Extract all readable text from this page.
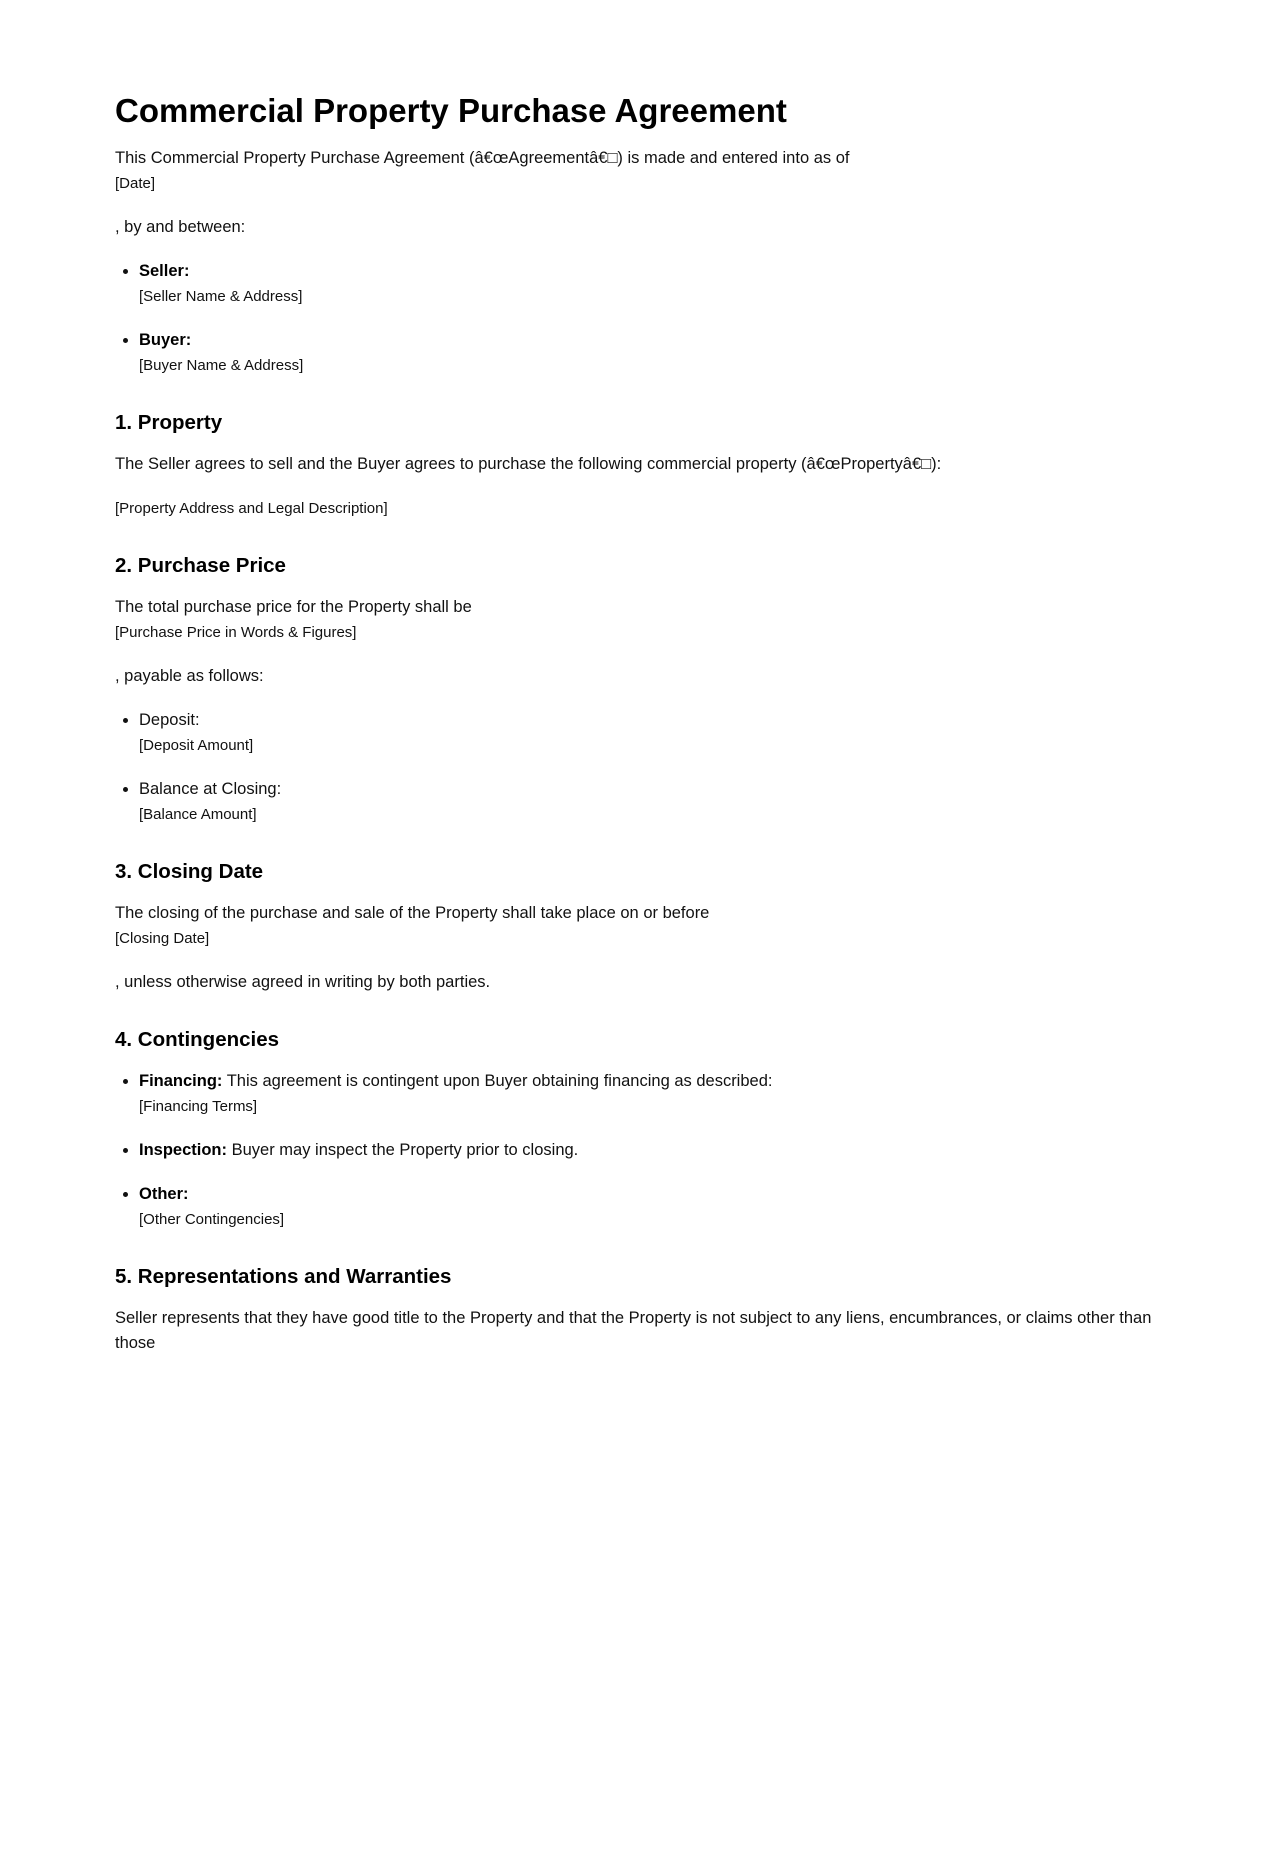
Commercial Property Purchase Agreement

This Commercial Property Purchase Agreement (â€œAgreementâ€□) is made and entered into as of
[Date]

, by and between:

• Seller:
[Seller Name & Address]
• Buyer:
[Buyer Name & Address]
1. Property

The Seller agrees to sell and the Buyer agrees to purchase the following commercial property (â€œPropertyâ€□):

[Property Address and Legal Description]

2. Purchase Price

The total purchase price for the Property shall be
[Purchase Price in Words & Figures]

, payable as follows:

• Deposit:
[Deposit Amount]
• Balance at Closing:
[Balance Amount]
3. Closing Date

The closing of the purchase and sale of the Property shall take place on or before
[Closing Date]

, unless otherwise agreed in writing by both parties.

4. Contingencies
• Financing: This agreement is contingent upon Buyer obtaining financing as described:
[Financing Terms]
• Inspection: Buyer may inspect the Property prior to closing.
• Other:
[Other Contingencies]
5. Representations and Warranties

Seller represents that they have good title to the Property and that the Property is not subject to any liens, encumbrances, or claims other than those
